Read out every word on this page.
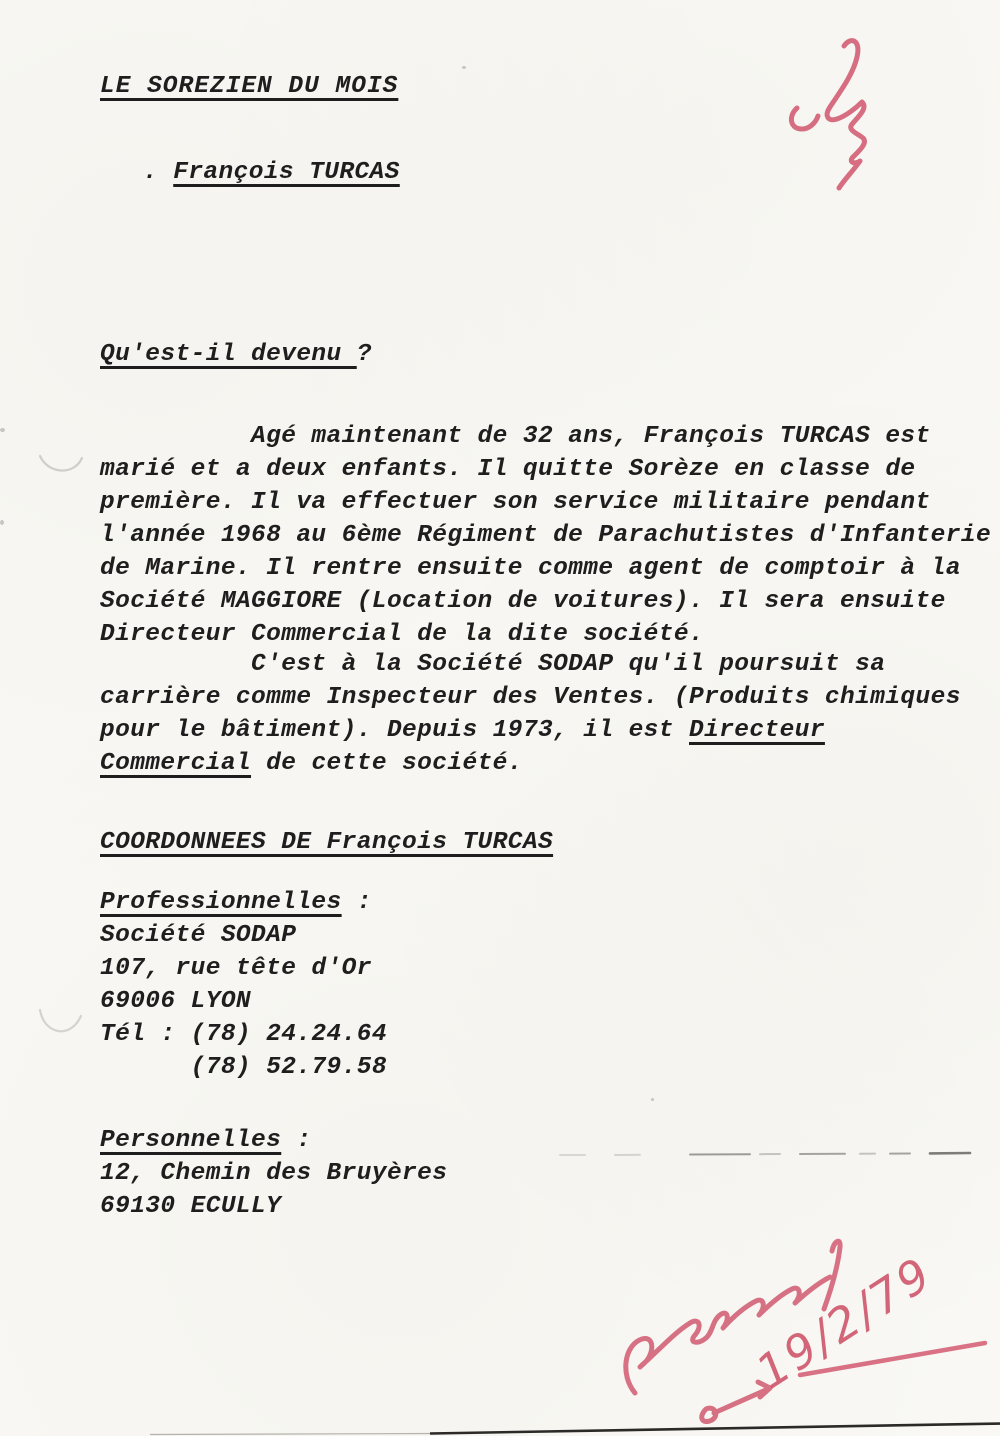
LE SOREZIEN DU MOIS
. François TURCAS
Qu'est-il devenu ?
Agé maintenant de 32 ans, François TURCAS est
marié et a deux enfants. Il quitte Sorèze en classe de
première. Il va effectuer son service militaire pendant
l'année 1968 au 6ème Régiment de Parachutistes d'Infanterie
de Marine. Il rentre ensuite comme agent de comptoir à la
Société MAGGIORE (Location de voitures). Il sera ensuite
Directeur Commercial de la dite société.
C'est à la Société SODAP qu'il poursuit sa
carrière comme Inspecteur des Ventes. (Produits chimiques
pour le bâtiment). Depuis 1973, il est Directeur
Commercial de cette société.
COORDONNEES DE François TURCAS
Professionnelles :
Société SODAP
107, rue tête d'Or
69006 LYON
Tél : (78) 24.24.64
(78) 52.79.58
Personnelles :
12, Chemin des Bruyères
69130 ECULLY
19/2/79
